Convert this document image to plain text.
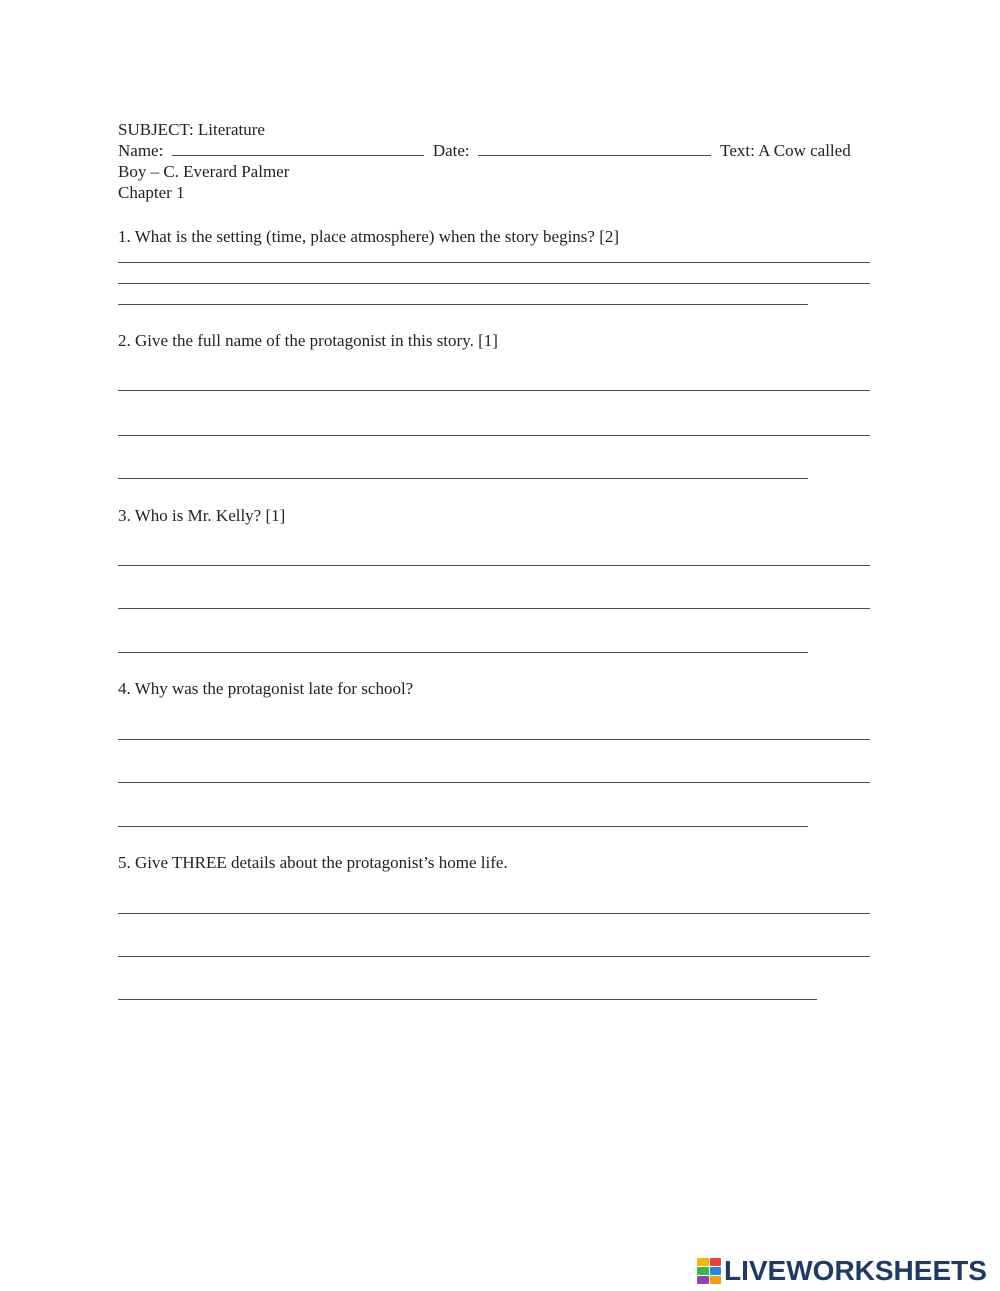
SUBJECT: Literature
Name:	Date:	Text: A Cow called
Boy – C. Everard Palmer
Chapter 1
1. What is the setting (time, place atmosphere) when the story begins? [2]
2. Give the full name of the protagonist in this story. [1]
3. Who is Mr. Kelly? [1]
4. Why was the protagonist late for school?
5. Give THREE details about the protagonist’s home life.
LIVEWORKSHEETS
